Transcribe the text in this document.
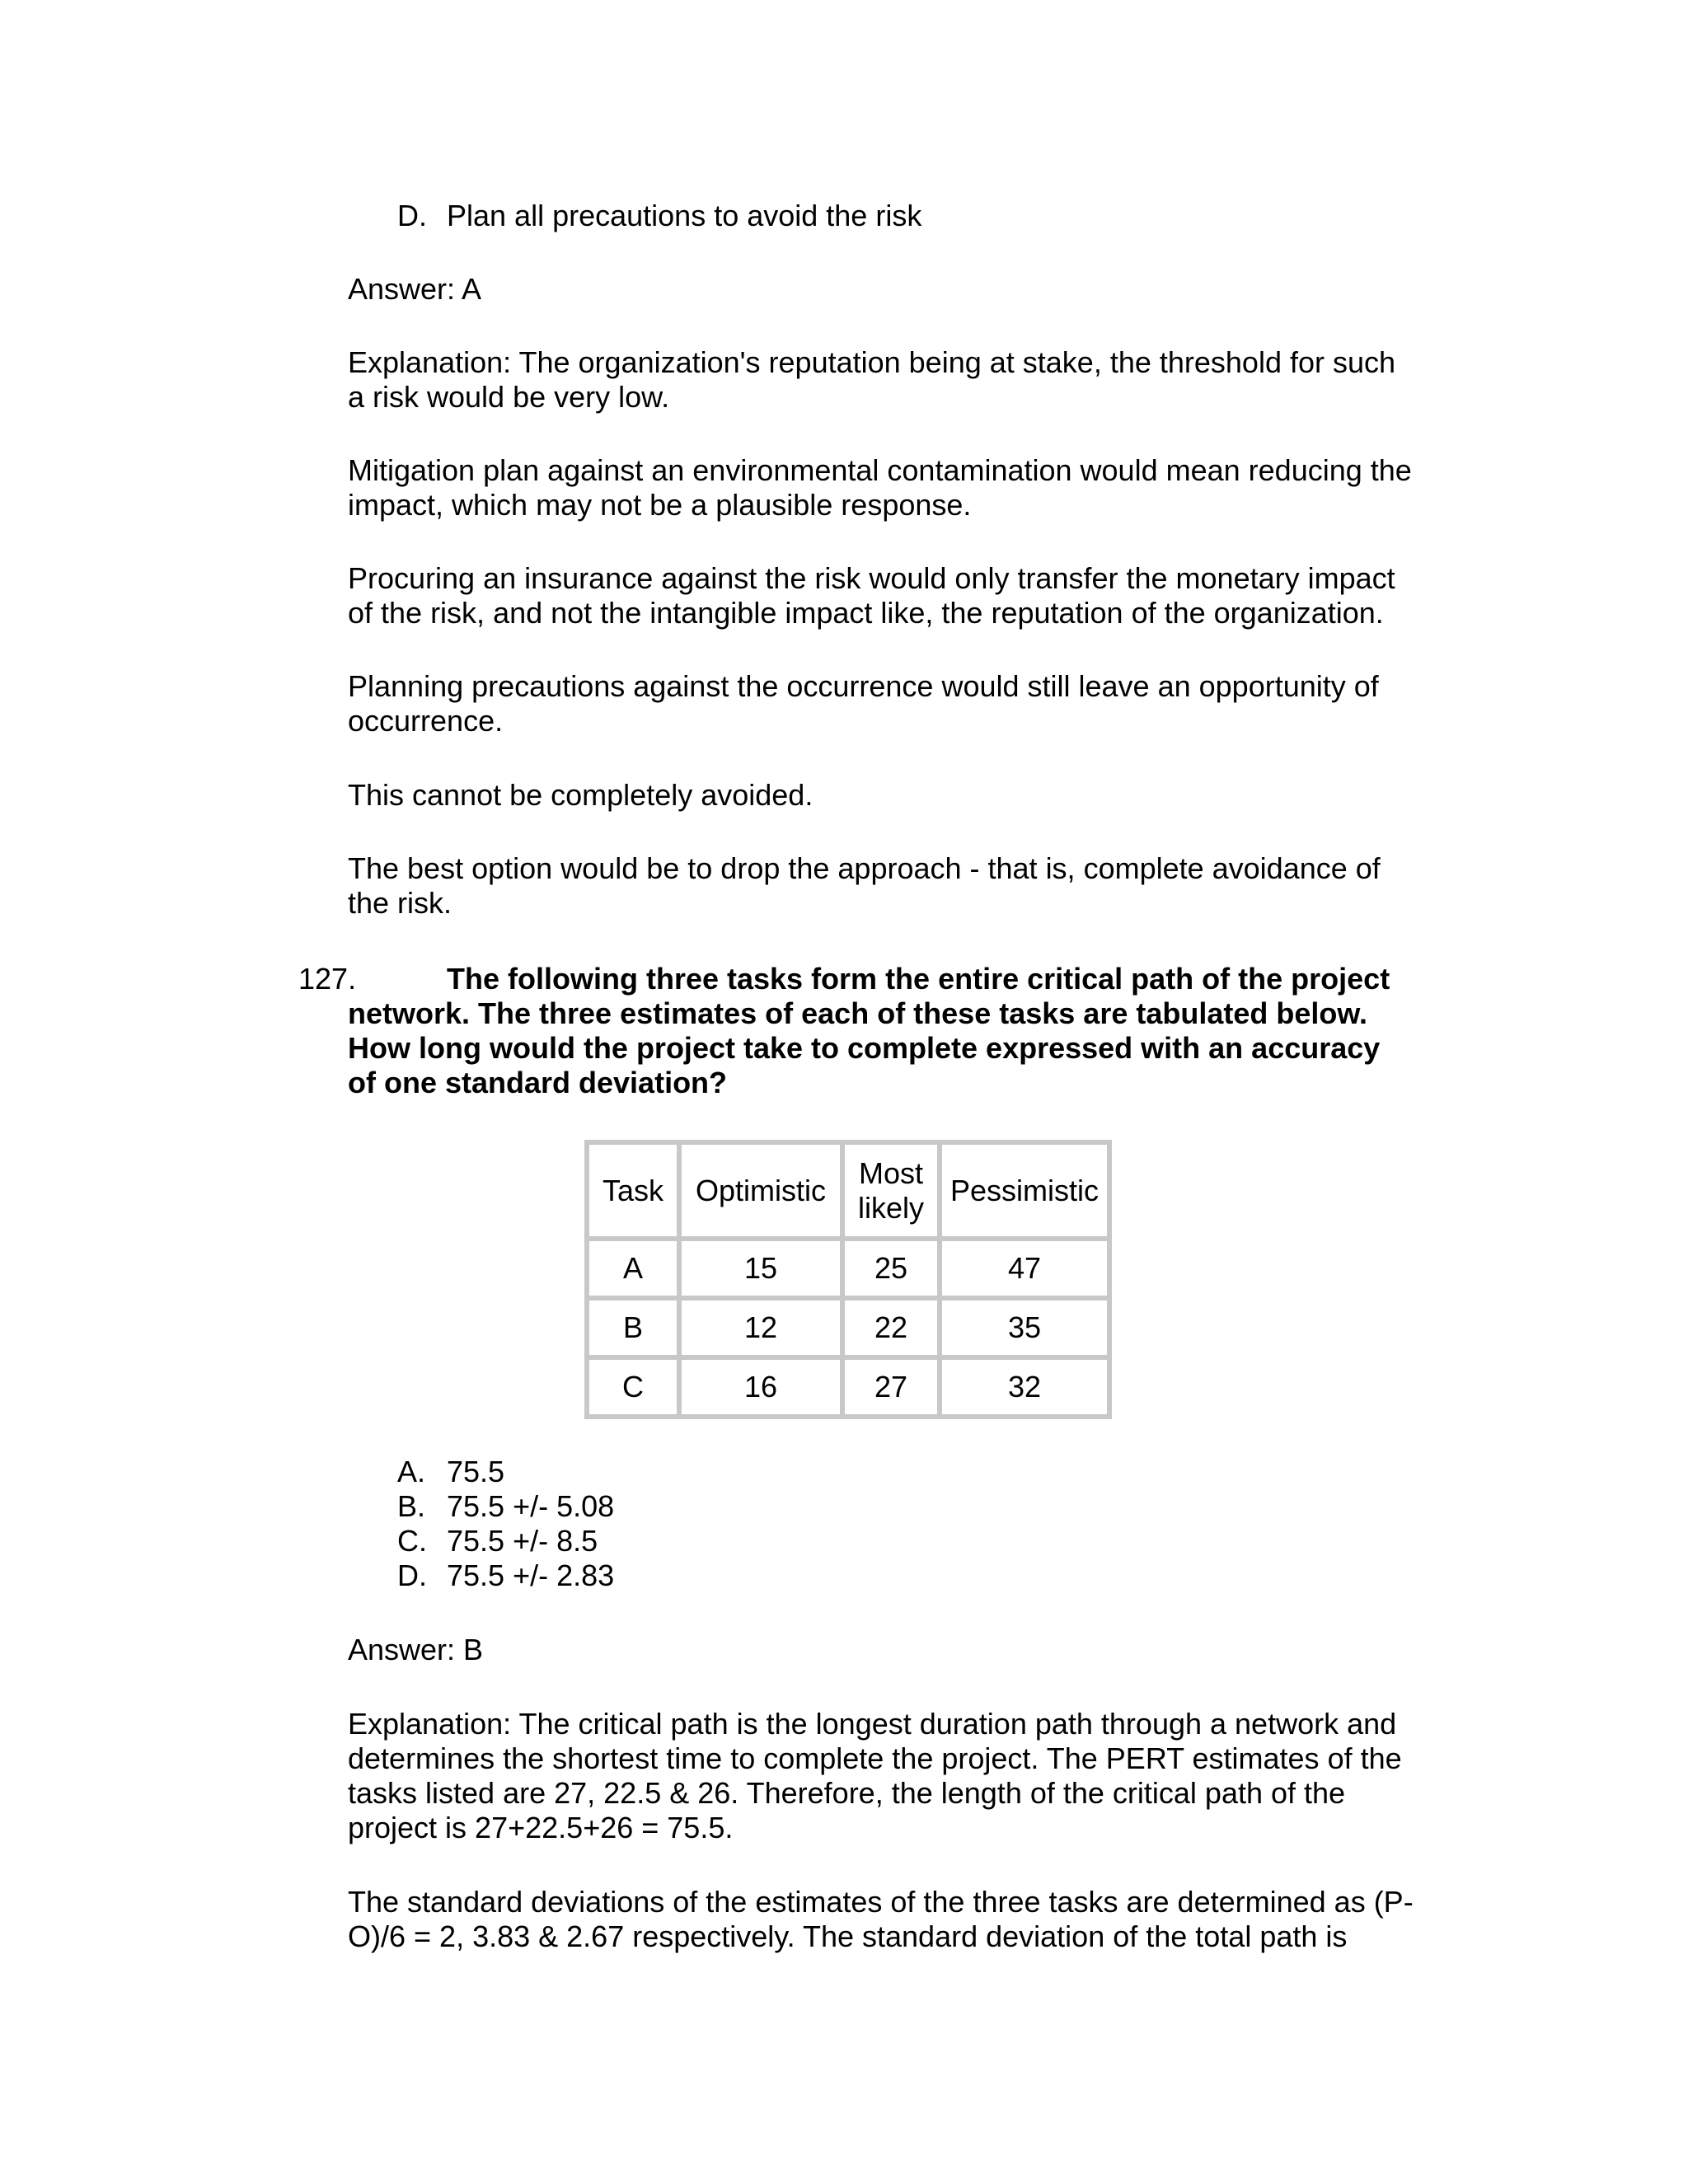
D. Plan all precautions to avoid the risk
Answer: A
Explanation: The organization's reputation being at stake, the threshold for such
a risk would be very low.
Mitigation plan against an environmental contamination would mean reducing the
impact, which may not be a plausible response.
Procuring an insurance against the risk would only transfer the monetary impact
of the risk, and not the intangible impact like, the reputation of the organization.
Planning precautions against the occurrence would still leave an opportunity of
occurrence.
This cannot be completely avoided.
The best option would be to drop the approach - that is, complete avoidance of
the risk.
127.	The following three tasks form the entire critical path of the project
network. The three estimates of each of these tasks are tabulated below.
How long would the project take to complete expressed with an accuracy
of one standard deviation?
Task	Optimistic	Most
likely	Pessimistic
A	15	25	47
B	12	22	35
C	16	27	32
A. 75.5
B. 75.5 +/- 5.08
C. 75.5 +/- 8.5
D. 75.5 +/- 2.83
Answer: B
Explanation: The critical path is the longest duration path through a network and
determines the shortest time to complete the project. The PERT estimates of the
tasks listed are 27, 22.5 & 26. Therefore, the length of the critical path of the
project is 27+22.5+26 = 75.5.
The standard deviations of the estimates of the three tasks are determined as (P-
O)/6 = 2, 3.83 & 2.67 respectively. The standard deviation of the total path is
